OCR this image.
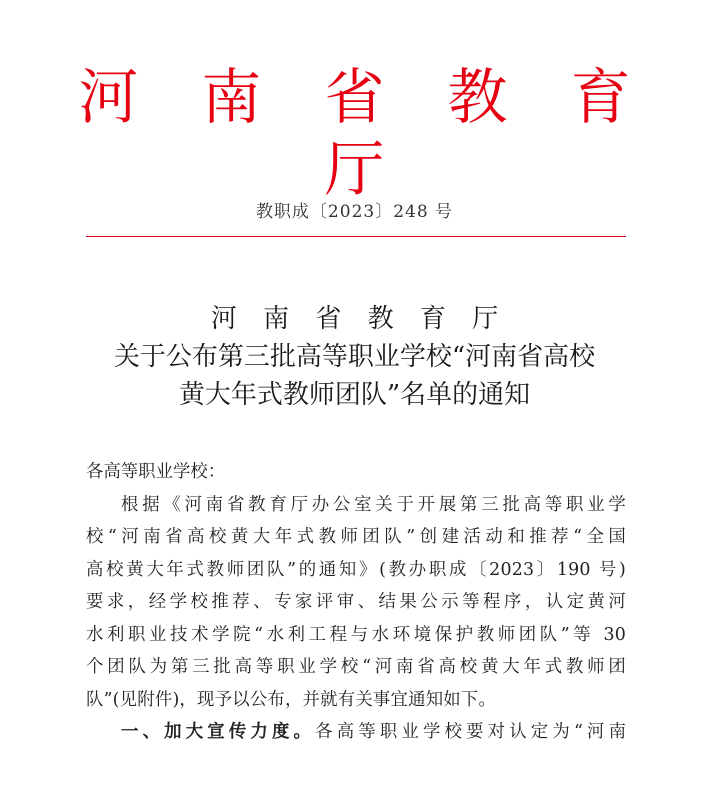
河 南 省 教 育 厅
教职成〔2023〕248 号
河 南 省 教 育 厅
关于公布第三批高等职业学校“河南省高校
黄大年式教师团队”名单的通知
各高等职业学校：
根据《河南省教育厅办公室关于开展第三批高等职业学
校“河南省高校黄大年式教师团队”创建活动和推荐“全国
高校黄大年式教师团队”的通知》(教办职成〔2023〕190 号)
要求，经学校推荐、专家评审、结果公示等程序，认定黄河
水利职业技术学院“水利工程与水环境保护教师团队”等 30
个团队为第三批高等职业学校“河南省高校黄大年式教师团
队”(见附件)，现予以公布，并就有关事宜通知如下。
一、加大宣传力度。各高等职业学校要对认定为“河南
